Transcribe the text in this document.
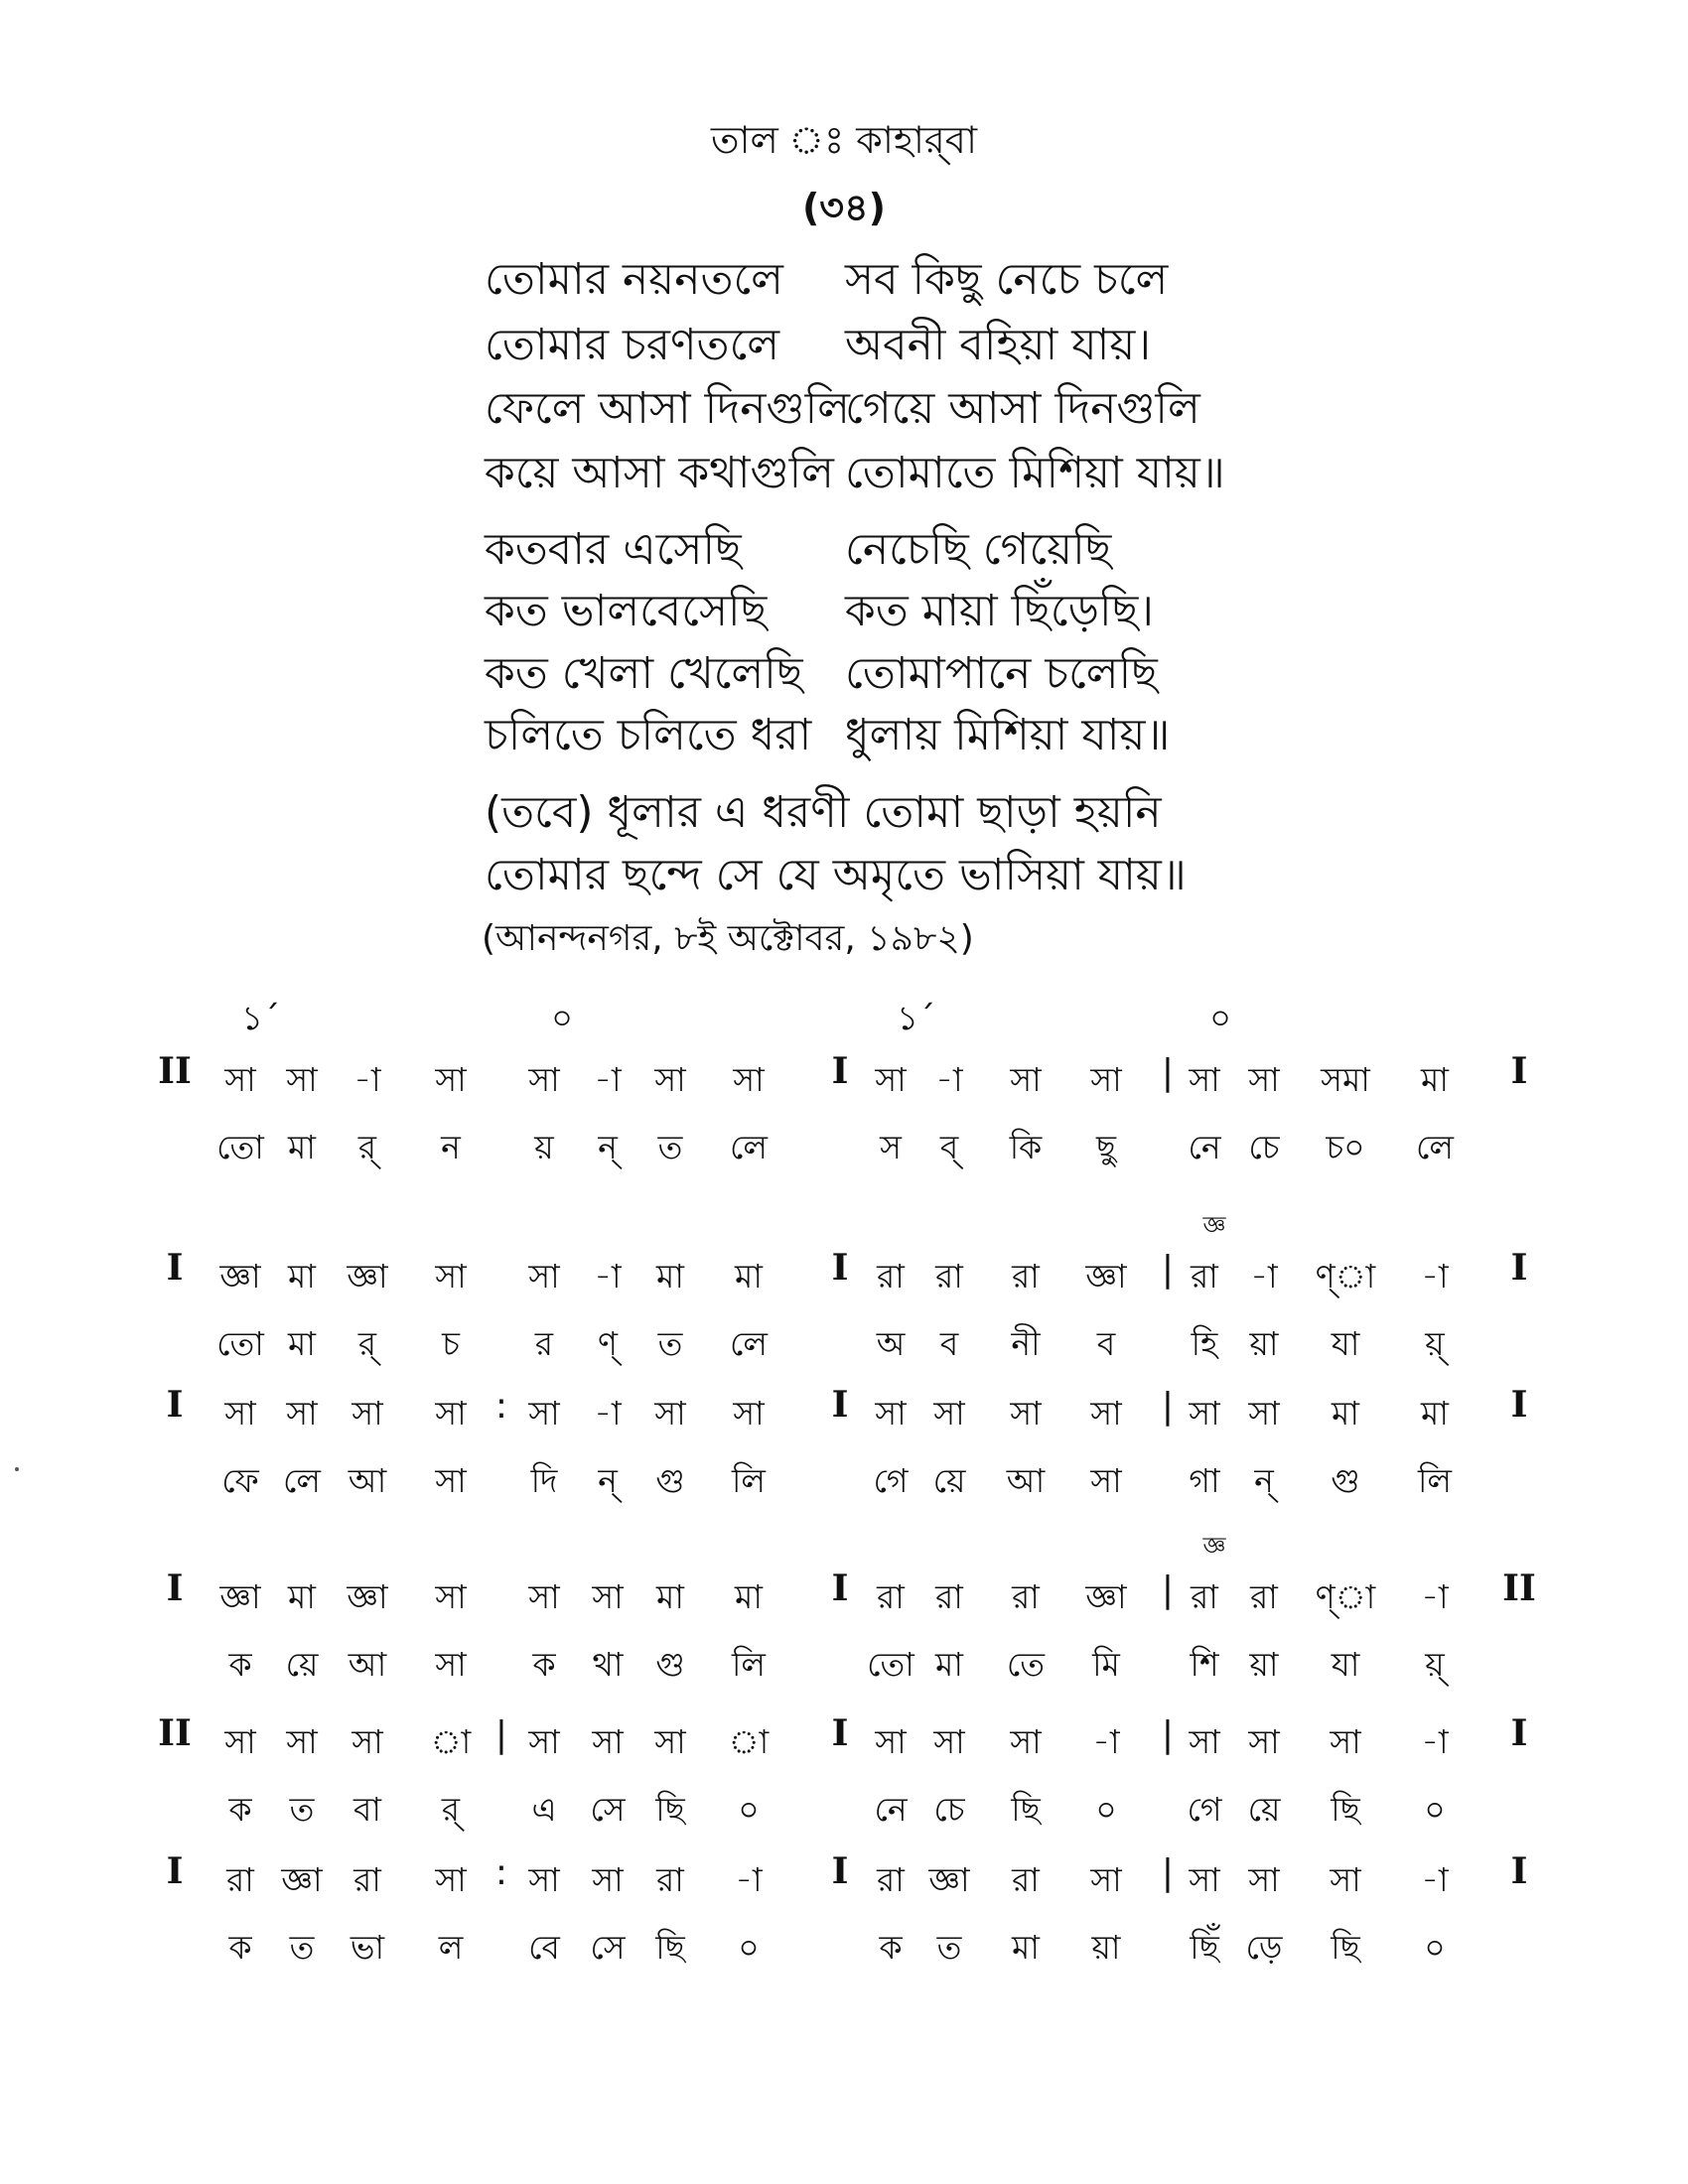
তাল ঃ কাহার্‌বা
(৩৪)
তোমার নয়নতলে সব কিছু নেচে চলে
তোমার চরণতলে অবনী বহিয়া যায়।
ফেলে আসা দিনগুলি
গেয়ে আসা দিনগুলি
কয়ে আসা কথাগুলি তোমাতে মিশিয়া যায়॥
কতবার এসেছি নেচেছি গেয়েছি
কত ভালবেসেছি কত মায়া ছিঁড়েছি।
কত খেলা খেলেছি তোমাপানে চলেছি
চলিতে চলিতে ধরা ধুলায় মিশিয়া যায়॥
(তবে) ধূলার এ ধরণী তোমা ছাড়া হয়নি
তোমার ছন্দে সে যে অমৃতে ভাসিয়া যায়॥
(আনন্দনগর, ৮ই অক্টোবর, ১৯৮২)
১´	০	১´	০
II	I	|	I
সা সা -া সা সা -া সা সা	সা -া সা সা সা সা সমা মা
তো মা র্ ন য় ন্ ত লে	স ব্ কি ছু নে চে চ০ লে
I	I	|	I
জ্ঞ
জ্ঞা মা জ্ঞা সা সা -া মা মা	রা রা রা জ্ঞা রা -া ণ্া -া
তো মা র্ চ র ণ্ ত লে	অ ব নী ব হি য়া যা য়্
I	:	I	|	I
সা সা সা সা সা -া সা সা	সা সা সা সা সা সা মা মা
ফে লে আ সা দি ন্ গু লি	গে য়ে আ সা গা ন্ গু লি
I	I	|	II
জ্ঞ
জ্ঞা মা জ্ঞা সা সা সা মা মা	রা রা রা জ্ঞা রা রা ণ্া -া
ক য়ে আ সা ক থা গু লি	তো মা তে মি শি য়া যা য়্
II	|	I	|	I
সা সা সা া সা সা সা া	সা সা সা -া সা সা সা -া
ক ত বা র্ এ সে ছি ০	নে চে ছি ০ গে য়ে ছি ০
I	:	I	|	I
রা জ্ঞা রা সা সা সা রা -া	রা জ্ঞা রা সা সা সা সা -া
ক ত ভা ল বে সে ছি ০	ক ত মা য়া ছিঁ ড়ে ছি ০
